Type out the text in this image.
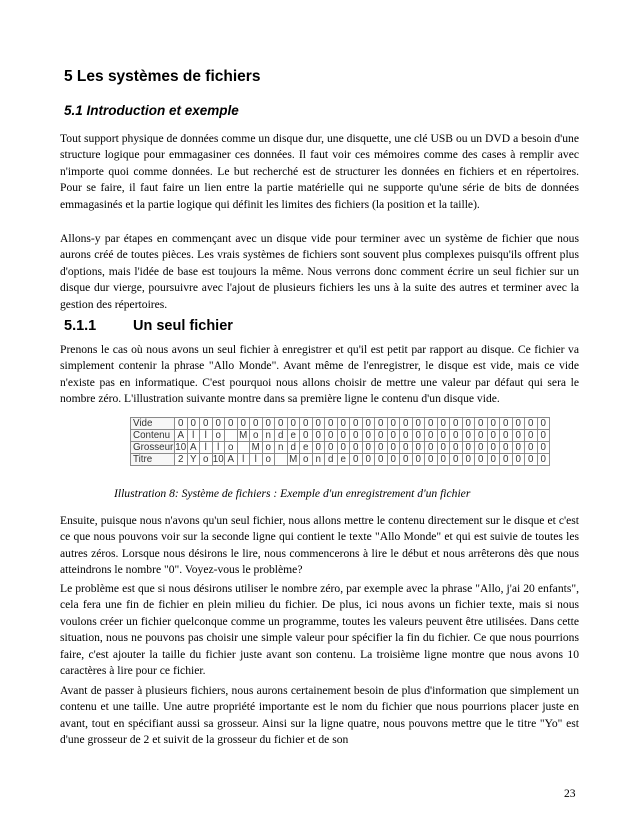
5 Les systèmes de fichiers
5.1 Introduction et exemple

Tout support physique de données comme un disque dur, une disquette, une clé USB ou un DVD a besoin d'une structure logique pour emmagasiner ces données. Il faut voir ces mémoires comme des cases à remplir avec n'importe quoi comme données. Le but recherché est de structurer les données en fichiers et en répertoires. Pour se faire, il faut faire un lien entre la partie matérielle qui ne supporte qu'une série de bits de données emmagasinés et la partie logique qui définit les limites des fichiers (la position et la taille).

Allons-y par étapes en commençant avec un disque vide pour terminer avec un système de fichier que nous aurons créé de toutes pièces. Les vrais systèmes de fichiers sont souvent plus complexes puisqu'ils offrent plus d'options, mais l'idée de base est toujours la même. Nous verrons donc comment écrire un seul fichier sur un disque dur vierge, poursuivre avec l'ajout de plusieurs fichiers les uns à la suite des autres et terminer avec la gestion des répertoires.

5.1.1	Un seul fichier

Prenons le cas où nous avons un seul fichier à enregistrer et qu'il est petit par rapport au disque. Ce fichier va simplement contenir la phrase "Allo Monde". Avant même de l'enregistrer, le disque est vide, mais ce vide n'existe pas en informatique. C'est pourquoi nous allons choisir de mettre une valeur par défaut qui sera le nombre zéro. L'illustration suivante montre dans sa première ligne le contenu d'un disque vide.

Vide	0	0	0	0	0	0	0	0	0	0	0	0	0	0	0	0	0	0	0	0	0	0	0	0	0	0	0	0	0	0
Contenu	A	l	l	o		M	o	n	d	e	0	0	0	0	0	0	0	0	0	0	0	0	0	0	0	0	0	0	0	0
Grosseur	10	A	l	l	o		M	o	n	d	e	0	0	0	0	0	0	0	0	0	0	0	0	0	0	0	0	0	0	0
Titre	2	Y	o	10	A	l	l	o		M	o	n	d	e	0	0	0	0	0	0	0	0	0	0	0	0	0	0	0	0
Illustration 8: Système de fichiers : Exemple d'un enregistrement d'un fichier

Ensuite, puisque nous n'avons qu'un seul fichier, nous allons mettre le contenu directement sur le disque et c'est ce que nous pouvons voir sur la seconde ligne qui contient le texte "Allo Monde" et qui est suivie de toutes les autres zéros. Lorsque nous désirons le lire, nous commencerons à lire le début et nous arrêterons dès que nous atteindrons le nombre "0". Voyez-vous le problème?

Le problème est que si nous désirons utiliser le nombre zéro, par exemple avec la phrase "Allo, j'ai 20 enfants", cela fera une fin de fichier en plein milieu du fichier. De plus, ici nous avons un fichier texte, mais si nous voulons créer un fichier quelconque comme un programme, toutes les valeurs peuvent être utilisées. Dans cette situation, nous ne pouvons pas choisir une simple valeur pour spécifier la fin du fichier. Ce que nous pourrions faire, c'est ajouter la taille du fichier juste avant son contenu. La troisième ligne montre que nous avons 10 caractères à lire pour ce fichier.

Avant de passer à plusieurs fichiers, nous aurons certainement besoin de plus d'information que simplement un contenu et une taille. Une autre propriété importante est le nom du fichier que nous pourrions placer juste en avant, tout en spécifiant aussi sa grosseur. Ainsi sur la ligne quatre, nous pouvons mettre que le titre "Yo" est d'une grosseur de 2 et suivit de la grosseur du fichier et de son

23
